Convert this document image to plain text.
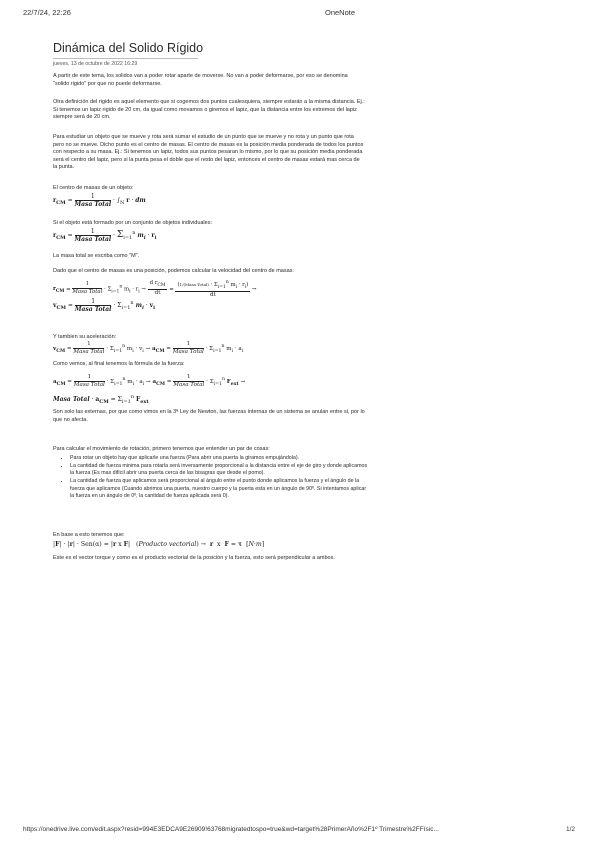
22/7/24, 22:26	OneNote
Dinámica del Solido Rígido
jueves, 13 de octubre de 2022 16:29

A partir de este tema, los solidos van a poder rotar aparte de moverse. No van a poder deformarse, por eso se denomina "solido rigido" por que no puede deformarse.

Otra definición del rigido es aquel elemento que si cogemos dos puntos cualesquiera, siempre estarán a la misma distancia. Ej.: Si tenemos un lapiz rigido de 20 cm, da igual como movamos o giremos el lapiz, que la distancia entre los extremos del lapiz siempre será de 20 cm.

Para estudiar un objeto que se mueve y rota será sumar el estudio de un punto que se mueve y no rota y un punto que rota pero no se mueve. Dicho punto es el centro de masas. El centro de masas es la posición media ponderada de todos los puntos con respecto a su masa. Ej.: Si tenemos un lapiz, todos sus puntos pesaran lo mismo, por lo que su posición media ponderada será el centro del lapiz, pero si la punta pesa el doble que el resto del lapiz, entonces el centro de masas estará mas cerca de la punta.

El centro de masas de un objeto:

$r_{CM} = \frac{1}{\text{Masa Total}} \cdot \int_N$ r · dm

Si el objeto está formado por un conjunto de objetos individuales:

$r_{CM} = \frac{1}{\text{Masa Total}} \cdot \Sigma_{i=1}^n$ $m_i \cdot r_i$

La masa total se escriba como "M".

Dado que el centro de masas es una posición, podemos calcular la velocidad del centro de masas:

$r_{CM} = \frac{1}{\text{Masa Total}} \cdot \Sigma_{i=1}^n$ $m_i \cdot r_i \to \frac{d r_{CM}}{dt} = \frac{(1/(Masa Total) \cdot \Sigma_{i=1}^n m_i \cdot r_i)}{dt}$ →
$v_{CM} = \frac{1}{\text{Masa Total}} \cdot \Sigma_{i=1}^n$ $m_i \cdot v_i$

Y tambien su aceleración:

$v_{CM} = \frac{1}{\text{Masa Total}} \cdot \Sigma_{i=1}^n$ $m_i \cdot v_i \to a_{CM} = \frac{1}{\text{Masa Total}} \cdot \Sigma_{i=1}^n$ $m_i \cdot a_i$

Como vemos, al final tenemos la fórmula de la fuerza:

$a_{CM} = \frac{1}{\text{Masa Total}} \cdot \Sigma_{i=1}^n$ $m_i \cdot a_i \to a_{CM} = \frac{1}{\text{Masa Total}} \cdot \Sigma_{i=1}^n$ $F_{ext}$ →
Masa Total · $a_{CM} = \Sigma_{i=1}^n$ $F_{ext}$

Son solo las externas, por que como vimos en la 3ª Ley de Newton, las fuerzas internas de un sistema se anulan entre si, por lo que no afecta.

Para calcular el movimiento de rotación, primero tenemos que entender un par de cosas:

• Para rotar un objeto hay que aplicarle una fuerza (Para abrir una puerta la giramos empujándola).
• La cantidad de fuerza minima para rotarla será inversamente proporcional a la distancia entre el eje de giro y donde aplicamos la fuerza (Es mas difícil abrir una puerta cerca de las bisagras que desde el pomo).
• La cantidad de fuerza que aplicamos será proporcional al ángulo entre el punto donde aplicamos la fuerza y el ángulo de la fuerza que aplicamos (Cuando abrimos una puerta, nuestro cuerpo y la puerta esta en un ángulo de 90º. Si intentamos aplicar la fuerza en un ángulo de 0º, la cantidad de fuerza aplicada será 0).

En base a esto tenemos que:

|F| · |r| · Sen(α) = |r x F|   (Producto vectorial) →  r  x  F = τ  [N·m]

Este es el vector torque y como es el producto vectorial de la posición y la fuerza, esto será perpendicular a ambos.

https://onedrive.live.com/edit.aspx?resid=994E3EDCA9E26909!63768migratedtospo=true&wd=target%28PrimerAño%2F1º Trimestre%2FFísic...	1/2
